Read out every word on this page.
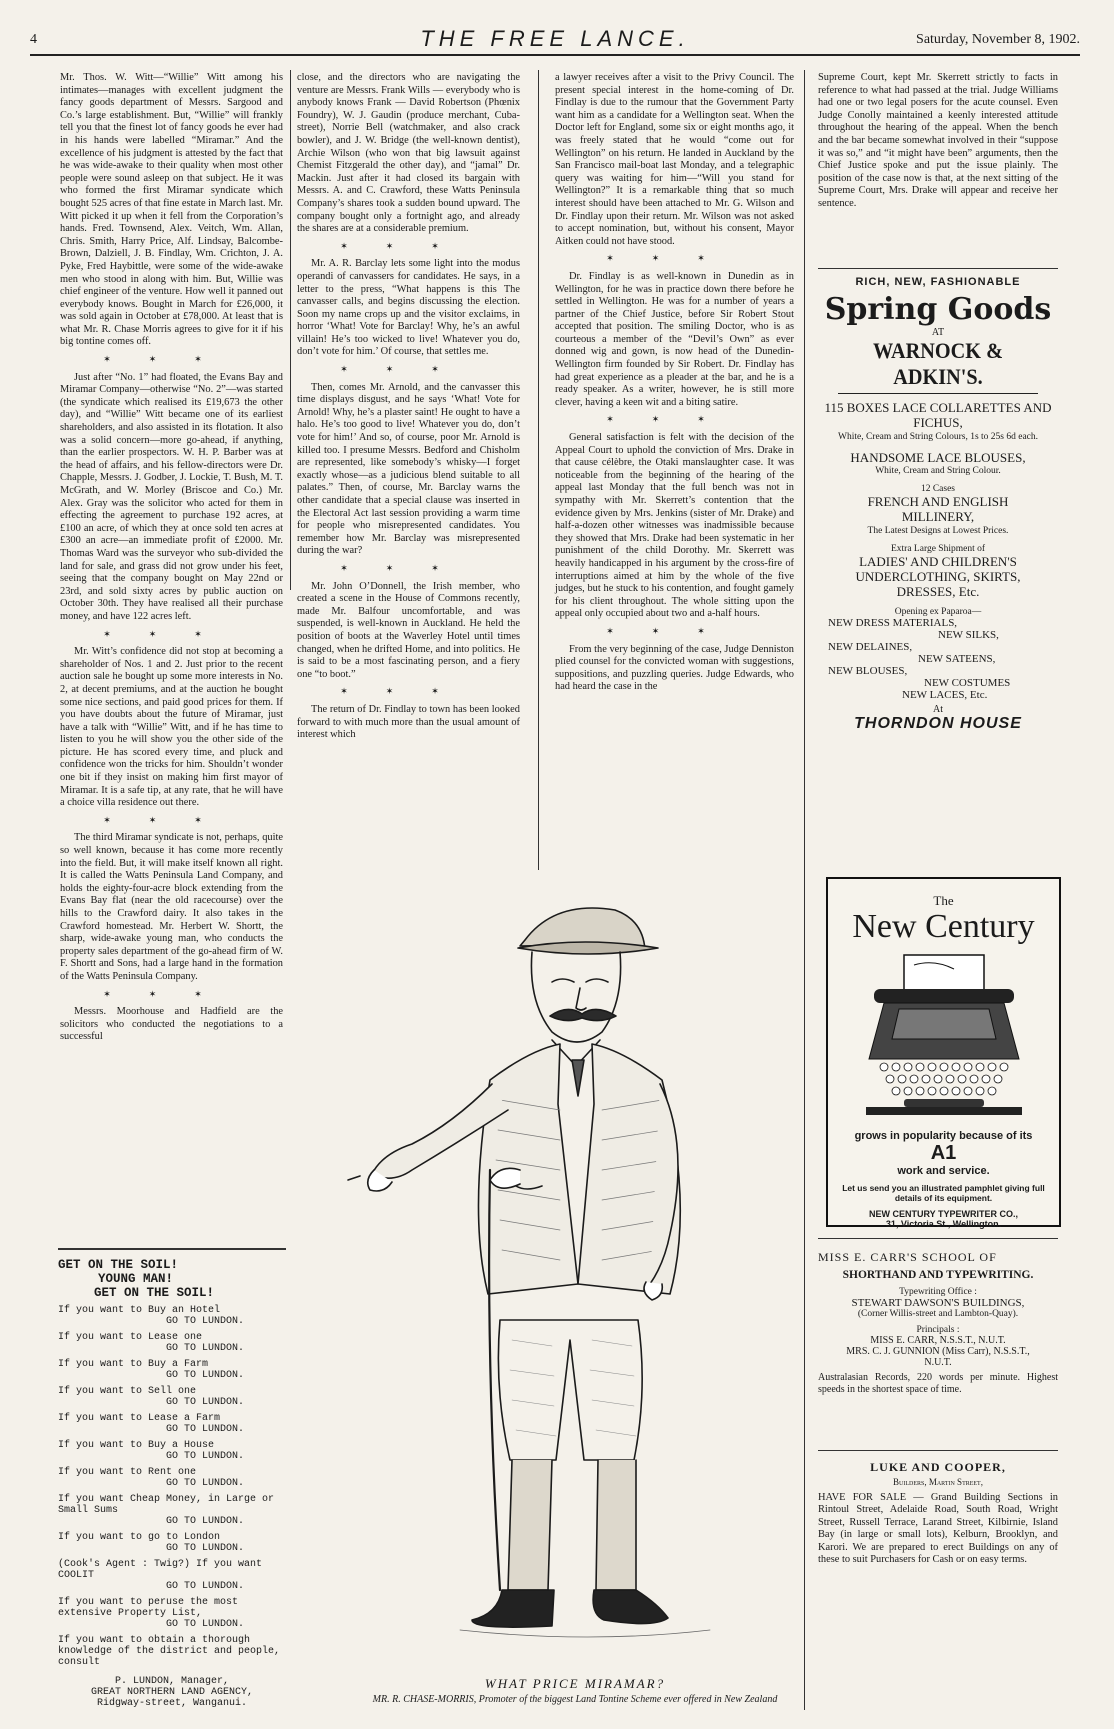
4	THE FREE LANCE.	Saturday, November 8, 1902.

Mr. Thos. W. Witt—“Willie” Witt among his intimates—manages with excellent judgment the fancy goods department of Messrs. Sargood and Co.’s large establishment. But, “Willie” will frankly tell you that the finest lot of fancy goods he ever had in his hands were labelled “Miramar.” And the excellence of his judgment is attested by the fact that he was wide-awake to their quality when most other people were sound asleep on that subject. He it was who formed the first Miramar syndicate which bought 525 acres of that fine estate in March last. Mr. Witt picked it up when it fell from the Corporation’s hands. Fred. Townsend, Alex. Veitch, Wm. Allan, Chris. Smith, Harry Price, Alf. Lindsay, Balcombe-Brown, Dalziell, J. B. Findlay, Wm. Crichton, J. A. Pyke, Fred Haybittle, were some of the wide-awake men who stood in along with him. But, Willie was chief engineer of the venture. How well it panned out everybody knows. Bought in March for £26,000, it was sold again in October at £78,000. At least that is what Mr. R. Chase Morris agrees to give for it if his big tontine comes off.

✶✶✶

Just after “No. 1” had floated, the Evans Bay and Miramar Company—otherwise “No. 2”—was started (the syndicate which realised its £19,673 the other day), and “Willie” Witt became one of its earliest shareholders, and also assisted in its flotation. It also was a solid concern—more go-ahead, if anything, than the earlier prospectors. W. H. P. Barber was at the head of affairs, and his fellow-directors were Dr. Chapple, Messrs. J. Godber, J. Lockie, T. Bush, M. T. McGrath, and W. Morley (Briscoe and Co.) Mr. Alex. Gray was the solicitor who acted for them in effecting the agreement to purchase 192 acres, at £100 an acre, of which they at once sold ten acres at £300 an acre—an immediate profit of £2000. Mr. Thomas Ward was the surveyor who sub-divided the land for sale, and grass did not grow under his feet, seeing that the company bought on May 22nd or 23rd, and sold sixty acres by public auction on October 30th. They have realised all their purchase money, and have 122 acres left.

✶✶✶

Mr. Witt’s confidence did not stop at becoming a shareholder of Nos. 1 and 2. Just prior to the recent auction sale he bought up some more interests in No. 2, at decent premiums, and at the auction he bought some nice sections, and paid good prices for them. If you have doubts about the future of Miramar, just have a talk with “Willie” Witt, and if he has time to listen to you he will show you the other side of the picture. He has scored every time, and pluck and confidence won the tricks for him. Shouldn’t wonder one bit if they insist on making him first mayor of Miramar. It is a safe tip, at any rate, that he will have a choice villa residence out there.

✶✶✶

The third Miramar syndicate is not, perhaps, quite so well known, because it has come more recently into the field. But, it will make itself known all right. It is called the Watts Peninsula Land Company, and holds the eighty-four-acre block extending from the Evans Bay flat (near the old racecourse) over the hills to the Crawford dairy. It also takes in the Crawford homestead. Mr. Herbert W. Shortt, the sharp, wide-awake young man, who conducts the property sales department of the go-ahead firm of W. F. Shortt and Sons, had a large hand in the formation of the Watts Peninsula Company.

✶✶✶

Messrs. Moorhouse and Hadfield are the solicitors who conducted the negotiations to a successful

close, and the directors who are navigating the venture are Messrs. Frank Wills — everybody who is anybody knows Frank — David Robertson (Phœnix Foundry), W. J. Gaudin (produce merchant, Cuba-street), Norrie Bell (watchmaker, and also crack bowler), and J. W. Bridge (the well-known dentist), Archie Wilson (who won that big lawsuit against Chemist Fitzgerald the other day), and “jamal” Dr. Mackin. Just after it had closed its bargain with Messrs. A. and C. Crawford, these Watts Peninsula Company’s shares took a sudden bound upward. The company bought only a fortnight ago, and already the shares are at a considerable premium.

✶✶✶

Mr. A. R. Barclay lets some light into the modus operandi of canvassers for candidates. He says, in a letter to the press, “What happens is this The canvasser calls, and begins discussing the election. Soon my name crops up and the visitor exclaims, in horror ‘What! Vote for Barclay! Why, he’s an awful villain! He’s too wicked to live! Whatever you do, don’t vote for him.’ Of course, that settles me.

✶✶✶

Then, comes Mr. Arnold, and the canvasser this time displays disgust, and he says ‘What! Vote for Arnold! Why, he’s a plaster saint! He ought to have a halo. He’s too good to live! Whatever you do, don’t vote for him!’ And so, of course, poor Mr. Arnold is killed too. I presume Messrs. Bedford and Chisholm are represented, like somebody’s whisky—I forget exactly whose—as a judicious blend suitable to all palates.” Then, of course, Mr. Barclay warns the other candidate that a special clause was inserted in the Electoral Act last session providing a warm time for people who misrepresented candidates. You remember how Mr. Barclay was misrepresented during the war?

✶✶✶

Mr. John O’Donnell, the Irish member, who created a scene in the House of Commons recently, made Mr. Balfour uncomfortable, and was suspended, is well-known in Auckland. He held the position of boots at the Waverley Hotel until times changed, when he drifted Home, and into politics. He is said to be a most fascinating person, and a fiery one “to boot.”

✶✶✶

The return of Dr. Findlay to town has been looked forward to with much more than the usual amount of interest which

a lawyer receives after a visit to the Privy Council. The present special interest in the home-coming of Dr. Findlay is due to the rumour that the Government Party want him as a candidate for a Wellington seat. When the Doctor left for England, some six or eight months ago, it was freely stated that he would “come out for Wellington” on his return. He landed in Auckland by the San Francisco mail-boat last Monday, and a telegraphic query was waiting for him—“Will you stand for Wellington?” It is a remarkable thing that so much interest should have been attached to Mr. G. Wilson and Dr. Findlay upon their return. Mr. Wilson was not asked to accept nomination, but, without his consent, Mayor Aitken could not have stood.

✶✶✶

Dr. Findlay is as well-known in Dunedin as in Wellington, for he was in practice down there before he settled in Wellington. He was for a number of years a partner of the Chief Justice, before Sir Robert Stout accepted that position. The smiling Doctor, who is as courteous a member of the “Devil’s Own” as ever donned wig and gown, is now head of the Dunedin-Wellington firm founded by Sir Robert. Dr. Findlay has had great experience as a pleader at the bar, and he is a ready speaker. As a writer, however, he is still more clever, having a keen wit and a biting satire.

✶✶✶

General satisfaction is felt with the decision of the Appeal Court to uphold the conviction of Mrs. Drake in that cause célèbre, the Otaki manslaughter case. It was noticeable from the beginning of the hearing of the appeal last Monday that the full bench was not in sympathy with Mr. Skerrett’s contention that the evidence given by Mrs. Jenkins (sister of Mr. Drake) and half-a-dozen other witnesses was inadmissible because they showed that Mrs. Drake had been systematic in her punishment of the child Dorothy. Mr. Skerrett was heavily handicapped in his argument by the cross-fire of interruptions aimed at him by the whole of the five judges, but he stuck to his contention, and fought gamely for his client throughout. The whole sitting upon the appeal only occupied about two and a-half hours.

✶✶✶

From the very beginning of the case, Judge Denniston plied counsel for the convicted woman with suggestions, suppositions, and puzzling queries. Judge Edwards, who had heard the case in the

Supreme Court, kept Mr. Skerrett strictly to facts in reference to what had passed at the trial. Judge Williams had one or two legal posers for the acute counsel. Even Judge Conolly maintained a keenly interested attitude throughout the hearing of the appeal. When the bench and the bar became somewhat involved in their “suppose it was so,” and “it might have been” arguments, then the Chief Justice spoke and put the issue plainly. The position of the case now is that, at the next sitting of the Supreme Court, Mrs. Drake will appear and receive her sentence.

RICH, NEW, FASHIONABLE
Spring Goods
AT
WARNOCK & ADKIN'S.
115 BOXES LACE COLLARETTES AND FICHUS,
White, Cream and String Colours, 1s to 25s 6d each.
HANDSOME LACE BLOUSES,
White, Cream and String Colour.
12 Cases
FRENCH AND ENGLISH MILLINERY,
The Latest Designs at Lowest Prices.
Extra Large Shipment of
LADIES' AND CHILDREN'S UNDERCLOTHING, SKIRTS, DRESSES, Etc.
Opening ex Paparoa—
NEW DRESS MATERIALS,
NEW SILKS,
NEW DELAINES,
NEW SATEENS,
NEW BLOUSES,
NEW COSTUMES
NEW LACES, Etc.
At
THORNDON HOUSE
The
New Century
grows in popularity because of its
A1
work and service.
Let us send you an illustrated pamphlet giving full details of its equipment.
NEW CENTURY TYPEWRITER CO.,
31, Victoria St., Wellington.
MISS E. CARR'S SCHOOL OF
SHORTHAND AND TYPEWRITING.
Typewriting Office :
STEWART DAWSON'S BUILDINGS,
(Corner Willis-street and Lambton-Quay).
Principals :
MISS E. CARR, N.S.S.T., N.U.T.
MRS. C. J. GUNNION (Miss Carr), N.S.S.T., N.U.T.
Australasian Records, 220 words per minute. Highest speeds in the shortest space of time.
LUKE AND COOPER,
Builders, Martin Street,
HAVE FOR SALE — Grand Building Sections in Rintoul Street, Adelaide Road, South Road, Wright Street, Russell Terrace, Larand Street, Kilbirnie, Island Bay (in large or small lots), Kelburn, Brooklyn, and Karori. We are prepared to erect Buildings on any of these to suit Purchasers for Cash or on easy terms.
GET ON THE SOIL!
YOUNG MAN!
GET ON THE SOIL!
If you want to Buy an Hotel
GO TO LUNDON.
If you want to Lease one
GO TO LUNDON.
If you want to Buy a Farm
GO TO LUNDON.
If you want to Sell one
GO TO LUNDON.
If you want to Lease a Farm
GO TO LUNDON.
If you want to Buy a House
GO TO LUNDON.
If you want to Rent one
GO TO LUNDON.
If you want Cheap Money, in Large or Small Sums
GO TO LUNDON.
If you want to go to London
GO TO LUNDON.
(Cook's Agent : Twig?) If you want COOLIT
GO TO LUNDON.
If you want to peruse the most extensive Property List,
GO TO LUNDON.
If you want to obtain a thorough knowledge of the district and people, consult
P. LUNDON, Manager,
GREAT NORTHERN LAND AGENCY,
Ridgway-street, Wanganui.
WHAT PRICE MIRAMAR?
MR. R. CHASE-MORRIS, Promoter of the biggest Land Tontine Scheme ever offered in New Zealand
